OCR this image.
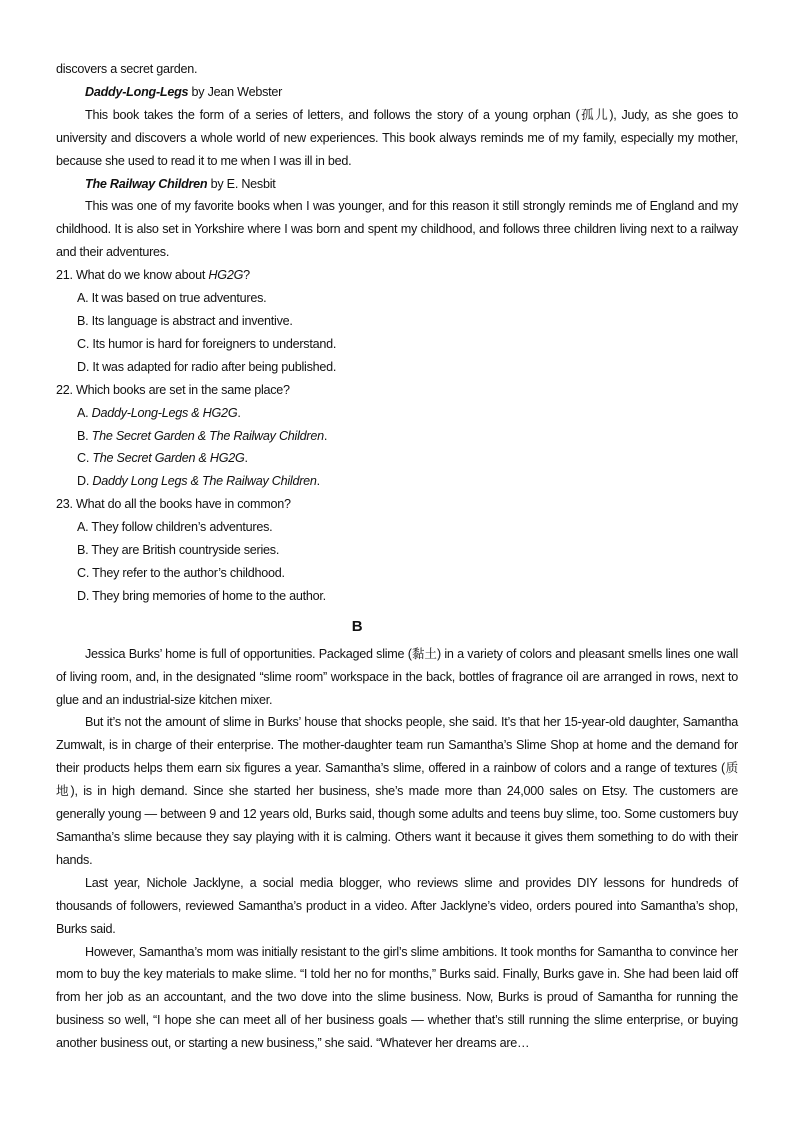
discovers a secret garden.

Daddy-Long-Legs by Jean Webster

This book takes the form of a series of letters, and follows the story of a young orphan (孤儿), Judy, as she goes to university and discovers a whole world of new experiences. This book always reminds me of my family, especially my mother, because she used to read it to me when I was ill in bed.

The Railway Children by E. Nesbit

This was one of my favorite books when I was younger, and for this reason it still strongly reminds me of England and my childhood. It is also set in Yorkshire where I was born and spent my childhood, and follows three children living next to a railway and their adventures.

21. What do we know about HG2G?

A. It was based on true adventures.
B. Its language is abstract and inventive.
C. Its humor is hard for foreigners to understand.
D. It was adapted for radio after being published.

22. Which books are set in the same place?

A. Daddy-Long-Legs & HG2G.
B. The Secret Garden & The Railway Children.
C. The Secret Garden & HG2G.
D. Daddy Long Legs & The Railway Children.

23. What do all the books have in common?

A. They follow children’s adventures.
B. They are British countryside series.
C. They refer to the author’s childhood.
D. They bring memories of home to the author.
B

Jessica Burks’ home is full of opportunities. Packaged slime (黏土) in a variety of colors and pleasant smells lines one wall of living room, and, in the designated “slime room” workspace in the back, bottles of fragrance oil are arranged in rows, next to glue and an industrial-size kitchen mixer.

But it’s not the amount of slime in Burks’ house that shocks people, she said. It’s that her 15-year-old daughter, Samantha Zumwalt, is in charge of their enterprise. The mother-daughter team run Samantha’s Slime Shop at home and the demand for their products helps them earn six figures a year. Samantha’s slime, offered in a rainbow of colors and a range of textures (质地), is in high demand. Since she started her business, she’s made more than 24,000 sales on Etsy. The customers are generally young — between 9 and 12 years old, Burks said, though some adults and teens buy slime, too. Some customers buy Samantha’s slime because they say playing with it is calming. Others want it because it gives them something to do with their hands.

Last year, Nichole Jacklyne, a social media blogger, who reviews slime and provides DIY lessons for hundreds of thousands of followers, reviewed Samantha’s product in a video. After Jacklyne’s video, orders poured into Samantha’s shop, Burks said.

However, Samantha’s mom was initially resistant to the girl’s slime ambitions. It took months for Samantha to convince her mom to buy the key materials to make slime. “I told her no for months,” Burks said. Finally, Burks gave in. She had been laid off from her job as an accountant, and the two dove into the slime business. Now, Burks is proud of Samantha for running the business so well, “I hope she can meet all of her business goals — whether that’s still running the slime enterprise, or buying another business out, or starting a new business,” she said. “Whatever her dreams are…
